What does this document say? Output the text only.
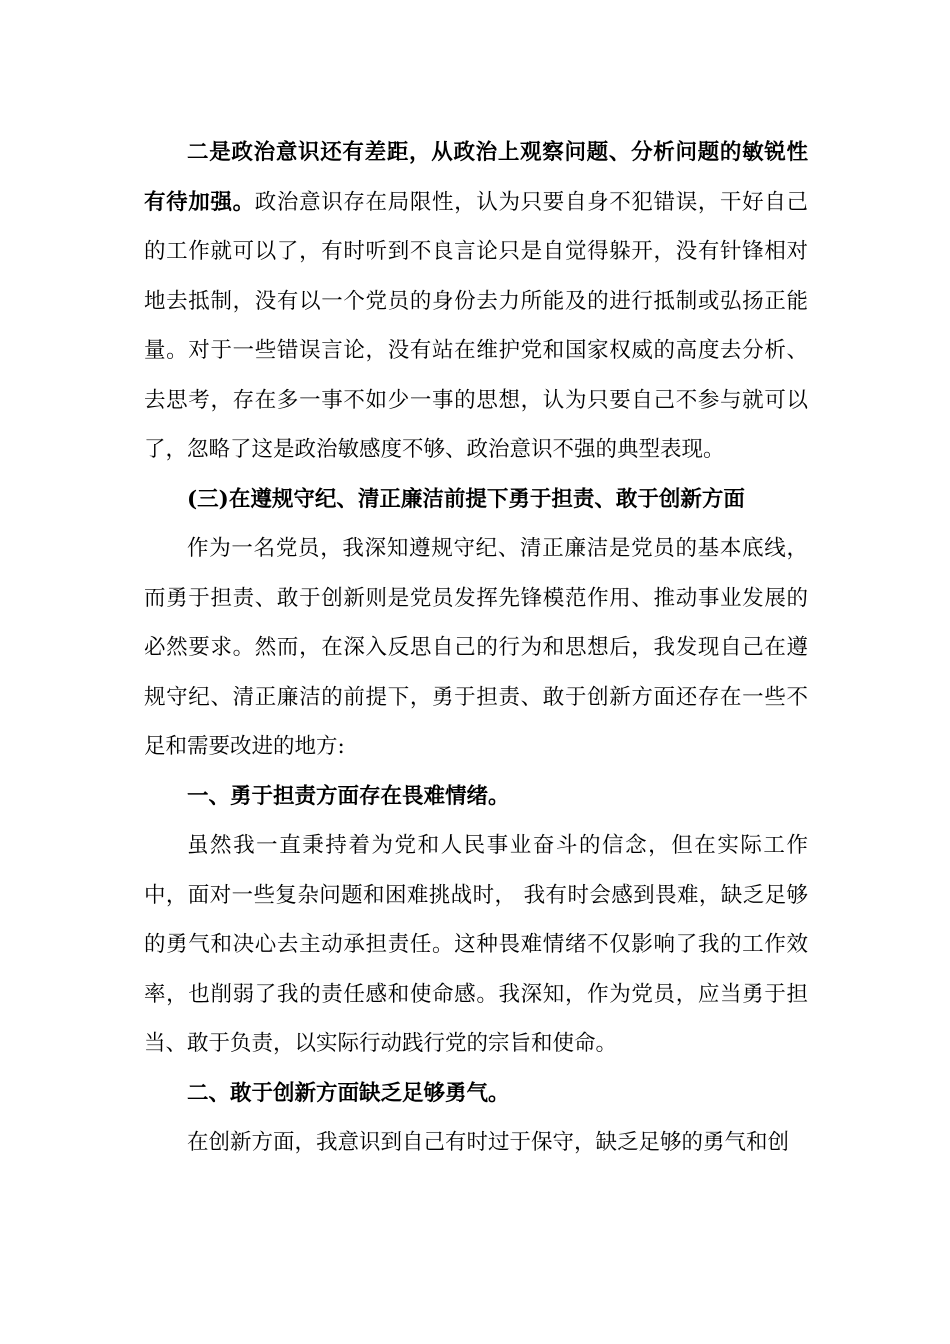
二是政治意识还有差距，从政治上观察问题、分析问题的敏锐性有待加强。政治意识存在局限性，认为只要自身不犯错误，干好自己的工作就可以了，有时听到不良言论只是自觉得躲开，没有针锋相对地去抵制，没有以一个党员的身份去力所能及的进行抵制或弘扬正能量。对于一些错误言论，没有站在维护党和国家权威的高度去分析、 去思考，存在多一事不如少一事的思想，认为只要自己不参与就可以了，忽略了这是政治敏感度不够、政治意识不强的典型表现。

(三)在遵规守纪、清正廉洁前提下勇于担责、敢于创新方面

作为一名党员，我深知遵规守纪、清正廉洁是党员的基本底线，而勇于担责、敢于创新则是党员发挥先锋模范作用、推动事业发展的必然要求。然而，在深入反思自己的行为和思想后，我发现自己在遵规守纪、清正廉洁的前提下，勇于担责、敢于创新方面还存在一些不足和需要改进的地方:

一、勇于担责方面存在畏难情绪。

虽然我一直秉持着为党和人民事业奋斗的信念，但在实际工作中，面对一些复杂问题和困难挑战时， 我有时会感到畏难，缺乏足够的勇气和决心去主动承担责任。这种畏难情绪不仅影响了我的工作效率，也削弱了我的责任感和使命感。我深知，作为党员，应当勇于担当、敢于负责，以实际行动践行党的宗旨和使命。

二、敢于创新方面缺乏足够勇气。

在创新方面，我意识到自己有时过于保守，缺乏足够的勇气和创
